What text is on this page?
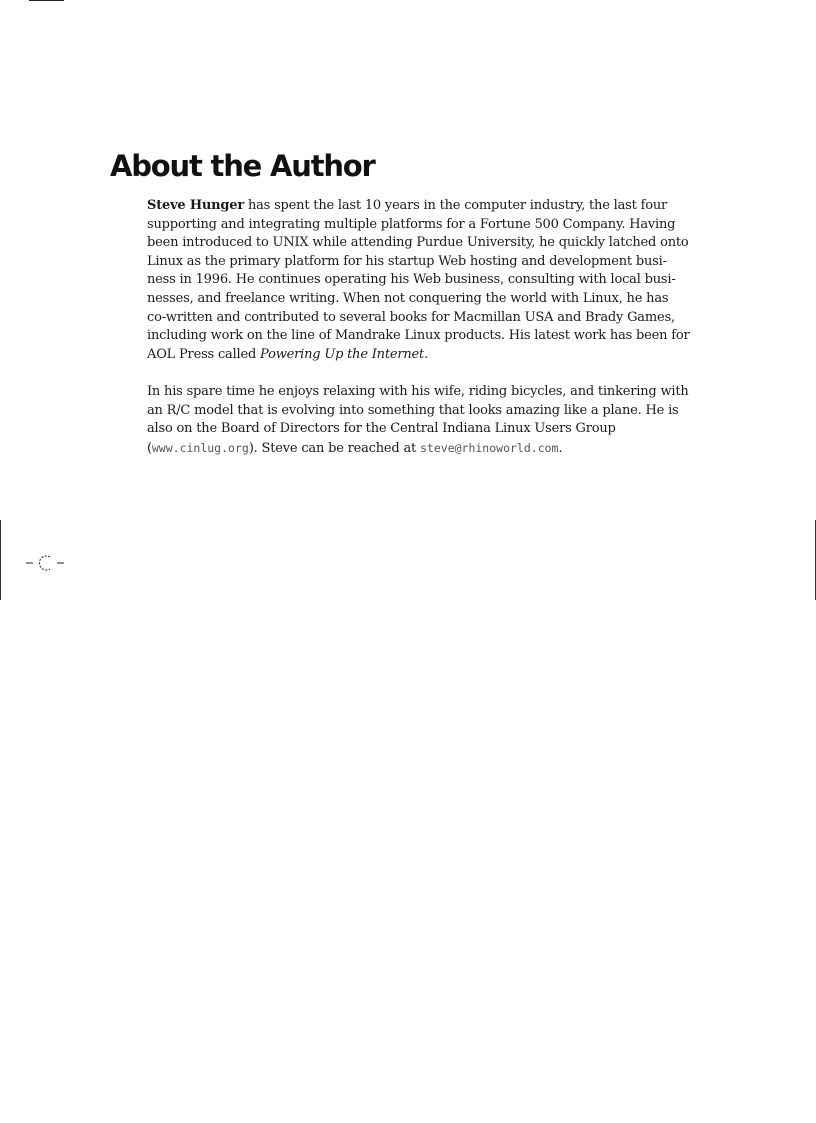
About the Author

Steve Hunger has spent the last 10 years in the computer industry, the last four
supporting and integrating multiple platforms for a Fortune 500 Company. Having
been introduced to UNIX while attending Purdue University, he quickly latched onto
Linux as the primary platform for his startup Web hosting and development busi-
ness in 1996. He continues operating his Web business, consulting with local busi-
nesses, and freelance writing. When not conquering the world with Linux, he has
co-written and contributed to several books for Macmillan USA and Brady Games,
including work on the line of Mandrake Linux products. His latest work has been for
AOL Press called Powering Up the Internet.

In his spare time he enjoys relaxing with his wife, riding bicycles, and tinkering with
an R/C model that is evolving into something that looks amazing like a plane. He is
also on the Board of Directors for the Central Indiana Linux Users Group
(www.cinlug.org). Steve can be reached at steve@rhinoworld.com.
